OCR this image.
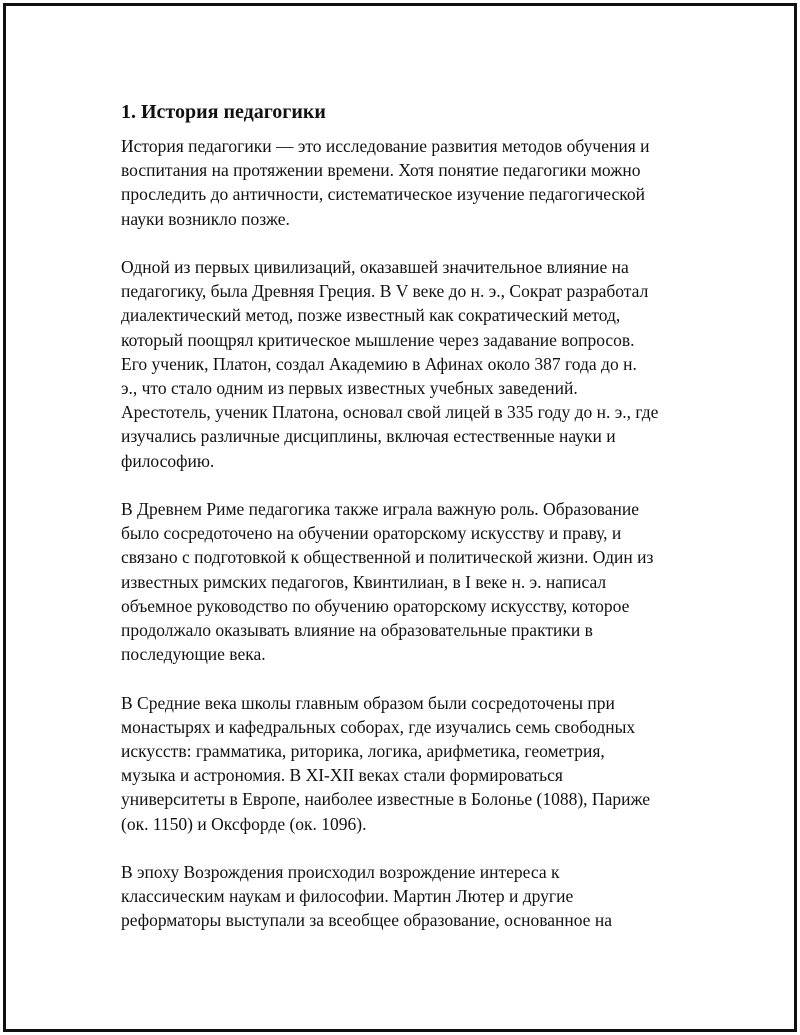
1. История педагогики

История педагогики — это исследование развития методов обучения и
воспитания на протяжении времени. Хотя понятие педагогики можно
проследить до античности, систематическое изучение педагогической
науки возникло позже.

Одной из первых цивилизаций, оказавшей значительное влияние на
педагогику, была Древняя Греция. В V веке до н. э., Сократ разработал
диалектический метод, позже известный как сократический метод,
который поощрял критическое мышление через задавание вопросов.
Его ученик, Платон, создал Академию в Афинах около 387 года до н.
э., что стало одним из первых известных учебных заведений.
Арестотель, ученик Платона, основал свой лицей в 335 году до н. э., где
изучались различные дисциплины, включая естественные науки и
философию.

В Древнем Риме педагогика также играла важную роль. Образование
было сосредоточено на обучении ораторскому искусству и праву, и
связано с подготовкой к общественной и политической жизни. Один из
известных римских педагогов, Квинтилиан, в I веке н. э. написал
объемное руководство по обучению ораторскому искусству, которое
продолжало оказывать влияние на образовательные практики в
последующие века.

В Средние века школы главным образом были сосредоточены при
монастырях и кафедральных соборах, где изучались семь свободных
искусств: грамматика, риторика, логика, арифметика, геометрия,
музыка и астрономия. В XI-XII веках стали формироваться
университеты в Европе, наиболее известные в Болонье (1088), Париже
(ок. 1150) и Оксфорде (ок. 1096).

В эпоху Возрождения происходил возрождение интереса к
классическим наукам и философии. Мартин Лютер и другие
реформаторы выступали за всеобщее образование, основанное на
